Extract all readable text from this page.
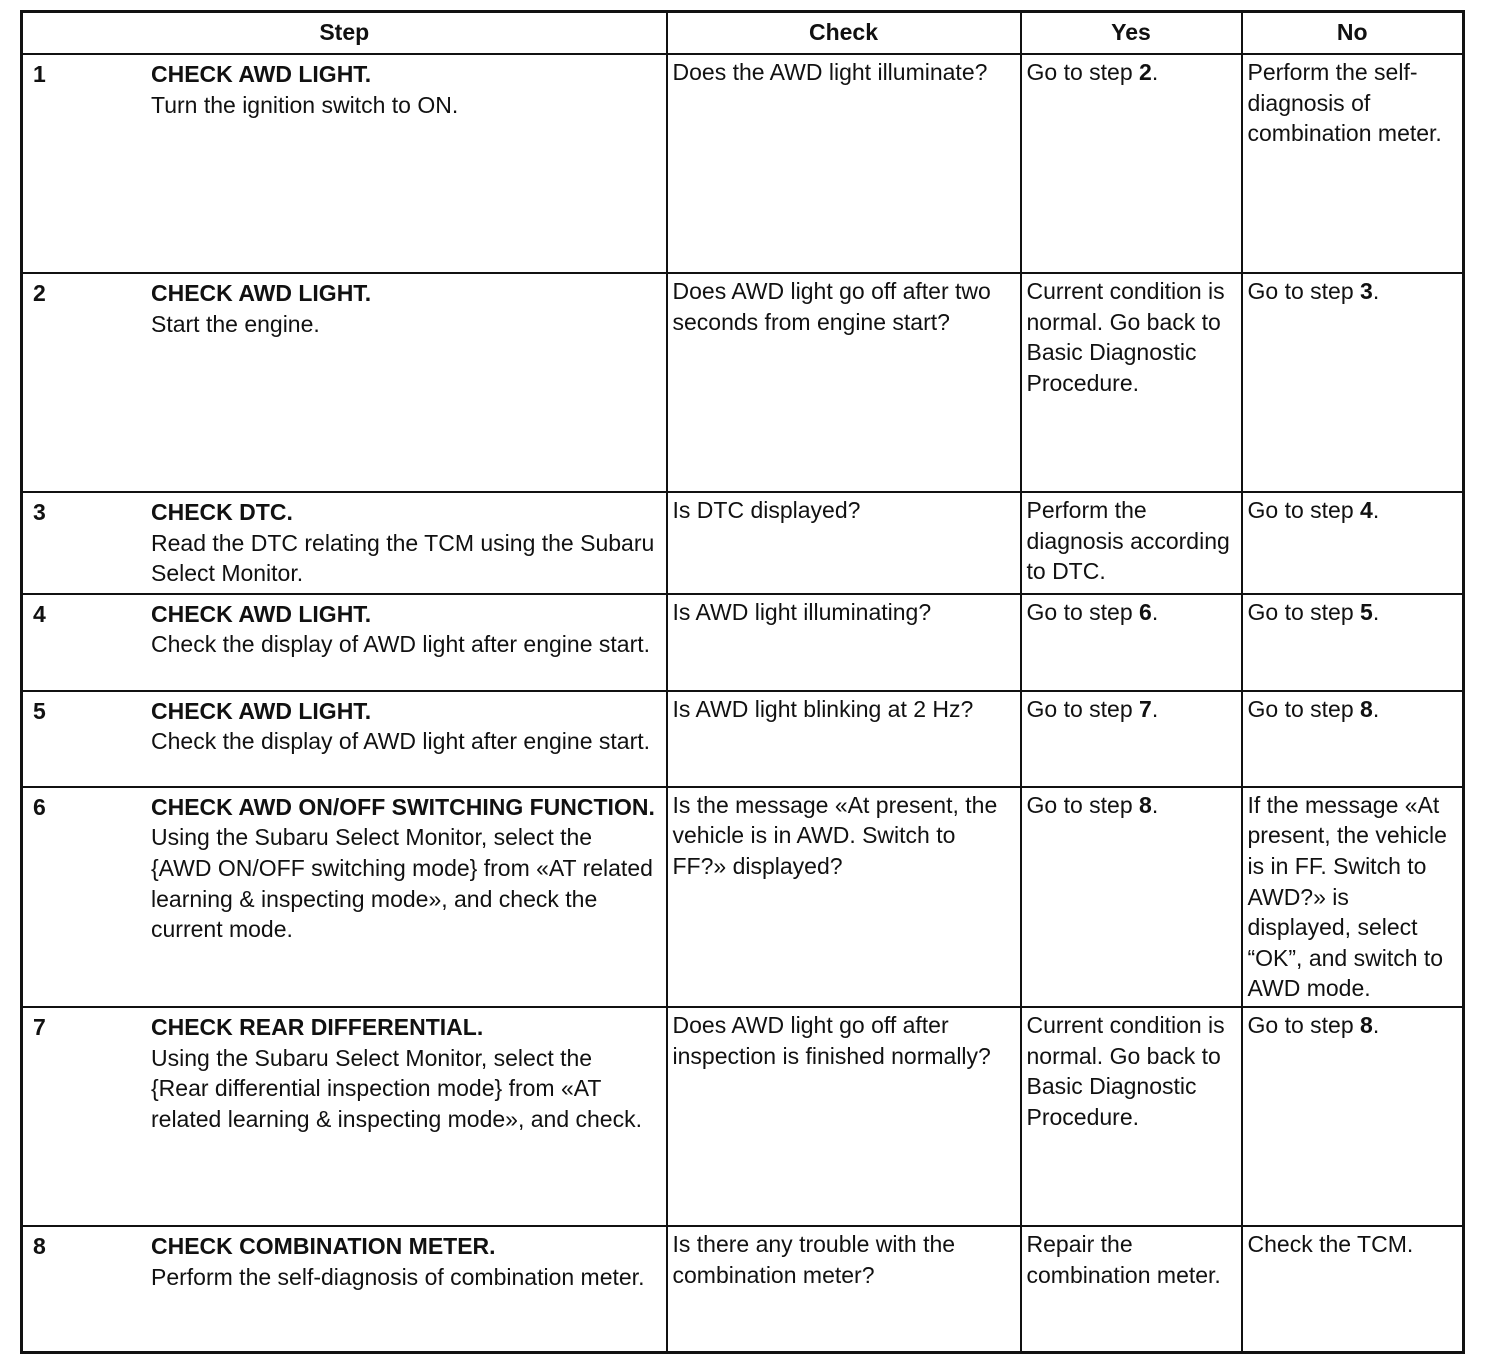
Step	Check	Yes	No

1 CHECK AWD LIGHT.
Turn the ignition switch to ON.	Does the AWD light illuminate?	Go to step 2.	Perform the self-diagnosis of combination meter.

2 CHECK AWD LIGHT.
Start the engine.	Does AWD light go off after two seconds from engine start?	Current condition is normal. Go back to Basic Diagnostic Procedure.	Go to step 3.

3 CHECK DTC.
Read the DTC relating the TCM using the Subaru Select Monitor.	Is DTC displayed?	Perform the diagnosis according to DTC.	Go to step 4.

4 CHECK AWD LIGHT.
Check the display of AWD light after engine start.	Is AWD light illuminating?	Go to step 6.	Go to step 5.

5 CHECK AWD LIGHT.
Check the display of AWD light after engine start.	Is AWD light blinking at 2 Hz?	Go to step 7.	Go to step 8.

6 CHECK AWD ON/OFF SWITCHING FUNCTION.
Using the Subaru Select Monitor, select the {AWD ON/OFF switching mode} from «AT related learning & inspecting mode», and check the current mode.	Is the message «At present, the vehicle is in AWD. Switch to FF?» displayed?	Go to step 8.	If the message «At present, the vehicle is in FF. Switch to AWD?» is displayed, select “OK”, and switch to AWD mode.

7 CHECK REAR DIFFERENTIAL.
Using the Subaru Select Monitor, select the {Rear differential inspection mode} from «AT related learning & inspecting mode», and check.	Does AWD light go off after inspection is finished normally?	Current condition is normal. Go back to Basic Diagnostic Procedure.	Go to step 8.

8 CHECK COMBINATION METER.
Perform the self-diagnosis of combination meter.	Is there any trouble with the combination meter?	Repair the combination meter.	Check the TCM.
